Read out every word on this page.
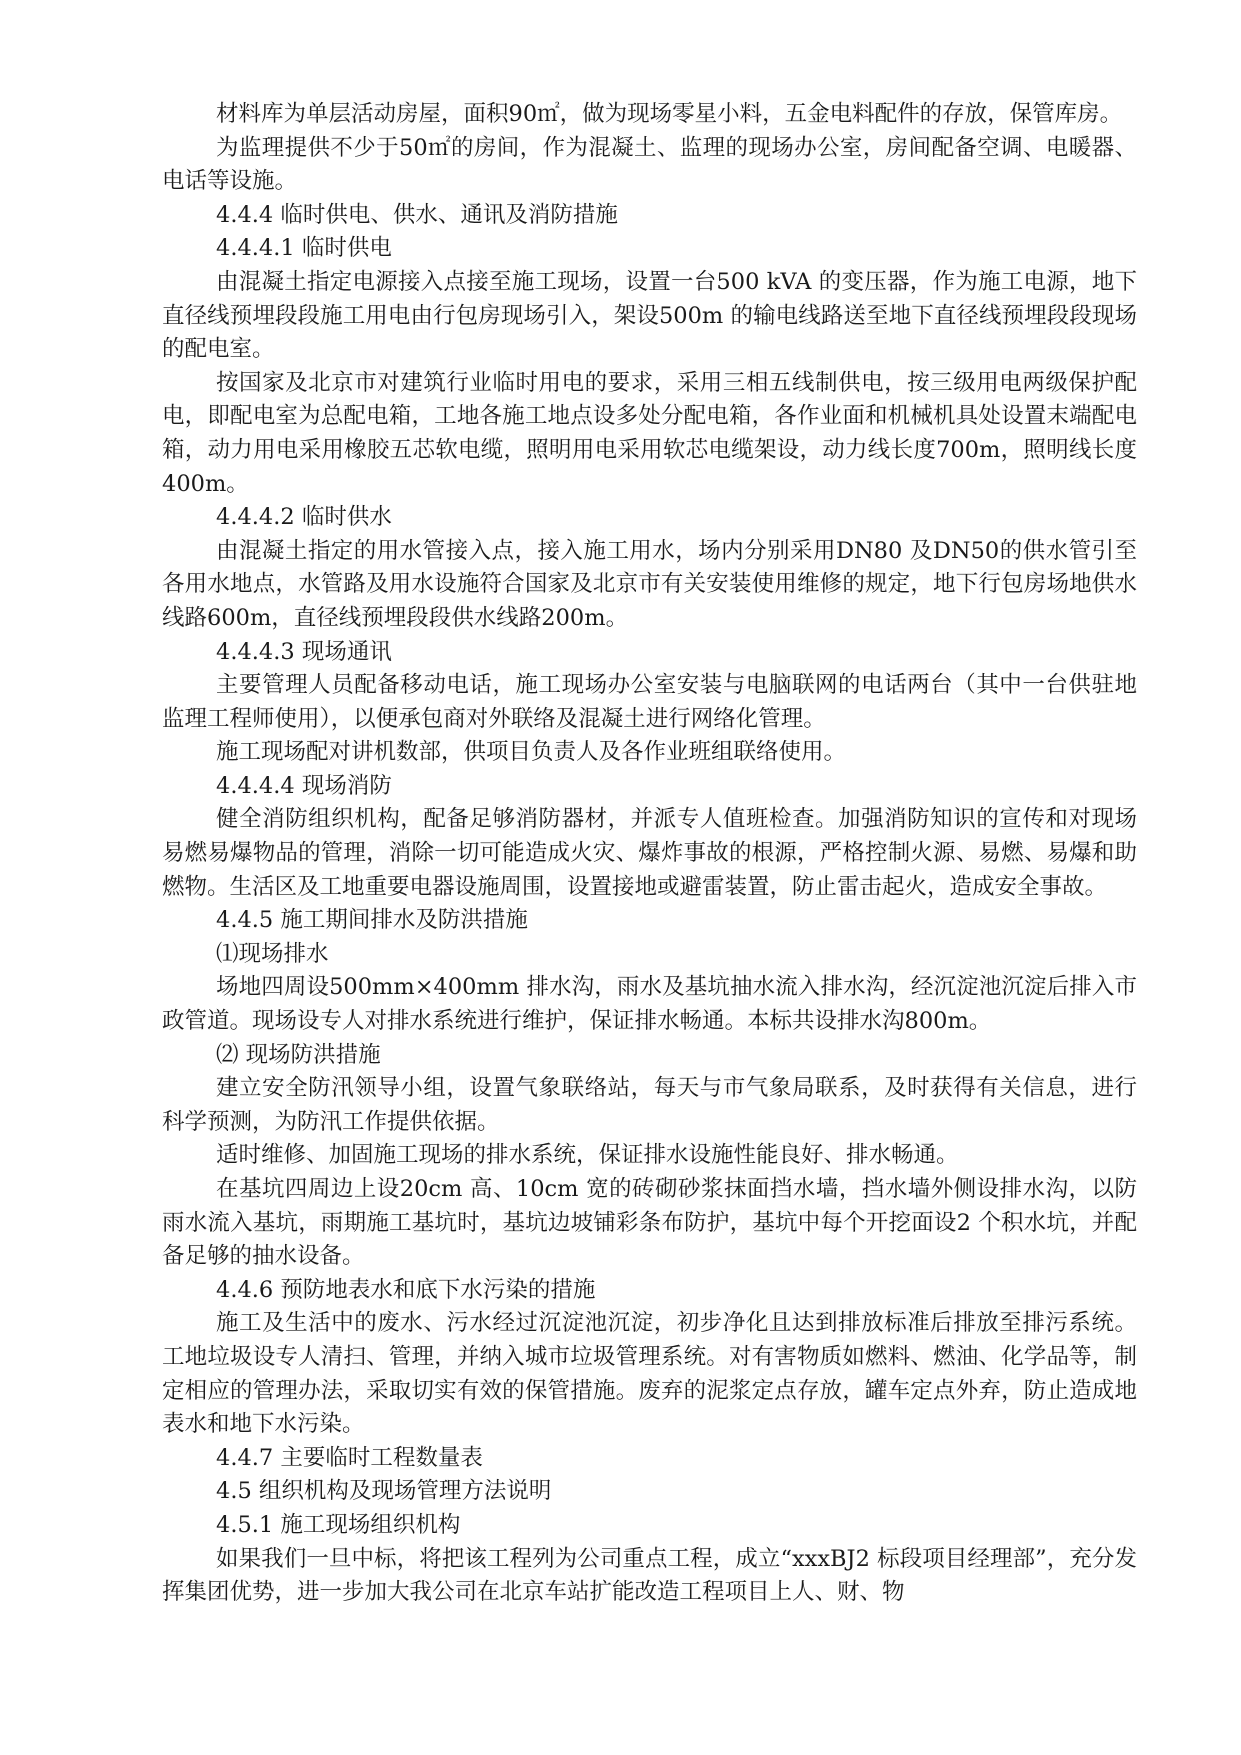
材料库为单层活动房屋，面积90㎡，做为现场零星小料，五金电料配件的存放，保管库房。

为监理提供不少于50㎡的房间，作为混凝土、监理的现场办公室，房间配备空调、电暖器、电话等设施。

4.4.4 临时供电、供水、通讯及消防措施

4.4.4.1 临时供电

由混凝土指定电源接入点接至施工现场，设置一台500 kVA 的变压器，作为施工电源，地下直径线预埋段段施工用电由行包房现场引入，架设500m 的输电线路送至地下直径线预埋段段现场的配电室。

按国家及北京市对建筑行业临时用电的要求，采用三相五线制供电，按三级用电两级保护配电，即配电室为总配电箱，工地各施工地点设多处分配电箱，各作业面和机械机具处设置末端配电箱，动力用电采用橡胶五芯软电缆，照明用电采用软芯电缆架设，动力线长度700m，照明线长度400m。

4.4.4.2 临时供水

由混凝土指定的用水管接入点，接入施工用水，场内分别采用DN80 及DN50的供水管引至各用水地点，水管路及用水设施符合国家及北京市有关安装使用维修的规定，地下行包房场地供水线路600m，直径线预埋段段供水线路200m。

4.4.4.3 现场通讯

主要管理人员配备移动电话，施工现场办公室安装与电脑联网的电话两台（其中一台供驻地监理工程师使用），以便承包商对外联络及混凝土进行网络化管理。

施工现场配对讲机数部，供项目负责人及各作业班组联络使用。

4.4.4.4 现场消防

健全消防组织机构，配备足够消防器材，并派专人值班检查。加强消防知识的宣传和对现场易燃易爆物品的管理，消除一切可能造成火灾、爆炸事故的根源，严格控制火源、易燃、易爆和助燃物。生活区及工地重要电器设施周围，设置接地或避雷装置，防止雷击起火，造成安全事故。

4.4.5 施工期间排水及防洪措施

⑴现场排水

场地四周设500mm×400mm 排水沟，雨水及基坑抽水流入排水沟，经沉淀池沉淀后排入市政管道。现场设专人对排水系统进行维护，保证排水畅通。本标共设排水沟800m。

⑵ 现场防洪措施

建立安全防汛领导小组，设置气象联络站，每天与市气象局联系，及时获得有关信息，进行科学预测，为防汛工作提供依据。

适时维修、加固施工现场的排水系统，保证排水设施性能良好、排水畅通。

在基坑四周边上设20cm 高、10cm 宽的砖砌砂浆抹面挡水墙，挡水墙外侧设排水沟，以防雨水流入基坑，雨期施工基坑时，基坑边坡铺彩条布防护，基坑中每个开挖面设2 个积水坑，并配备足够的抽水设备。

4.4.6 预防地表水和底下水污染的措施

施工及生活中的废水、污水经过沉淀池沉淀，初步净化且达到排放标准后排放至排污系统。工地垃圾设专人清扫、管理，并纳入城市垃圾管理系统。对有害物质如燃料、燃油、化学品等，制定相应的管理办法，采取切实有效的保管措施。废弃的泥浆定点存放，罐车定点外弃，防止造成地表水和地下水污染。

4.4.7 主要临时工程数量表

4.5 组织机构及现场管理方法说明

4.5.1 施工现场组织机构

如果我们一旦中标，将把该工程列为公司重点工程，成立“xxxBJ2 标段项目经理部”，充分发挥集团优势，进一步加大我公司在北京车站扩能改造工程项目上人、财、物
